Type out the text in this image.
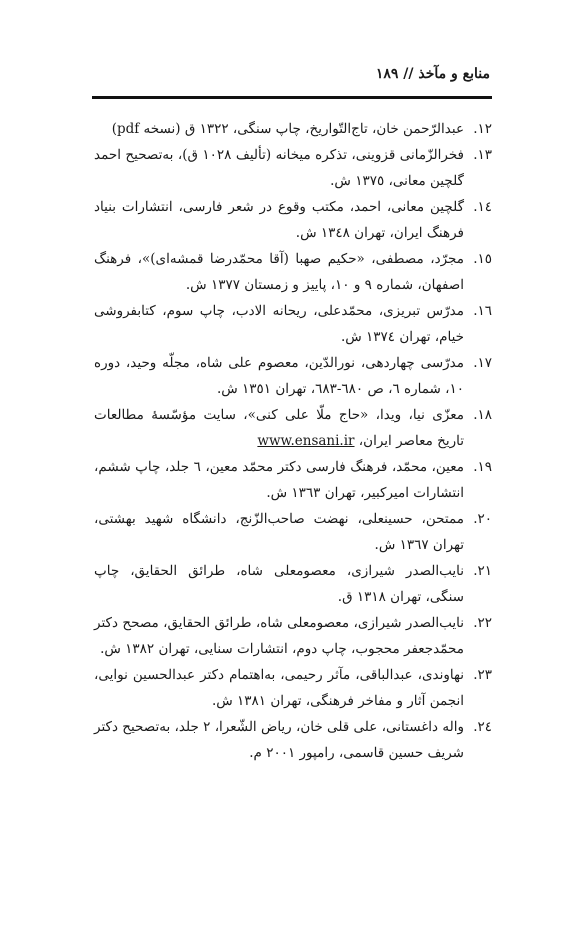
منابع و مآخذ // ١٨٩
١٢.
عبدالرّحمن خان، تاج‌التّواریخ، چاپ سنگی، ١٣٢٢ ق (نسخه pdf)
١٣.
فخرالزّمانی قزوینی، تذکره میخانه (تألیف ١٠٢٨ ق)، به‌تصحیح احمد گلچین معانی، ١٣٧٥ ش.
١٤.
گلچین معانی، احمد، مکتب وقوع در شعر فارسی، انتشارات بنیاد فرهنگ ایران، تهران ١٣٤٨ ش.
١٥.
مجرّد، مصطفی، «حکیم صهبا (آقا محمّدرضا قمشه‌ای)»، فرهنگ اصفهان، شماره ٩ و ١٠، پاییز و زمستان ١٣٧٧ ش.
١٦.
مدرّس تبریزی، محمّدعلی، ریحانه الادب، چاپ سوم، کتابفروشی خیام، تهران ١٣٧٤ ش.
١٧.
مدرّسی چهاردهی، نورالدّین، معصوم علی شاه، مجلّه وحید، دوره ١٠، شماره ٦، ص ٦٨٠-٦٨٣، تهران ١٣٥١ ش.
١٨.
معزّی نیا، ویدا، «حاج ملّا علی کنی»، سایت مؤسّسهٔ مطالعات تاریخ معاصر ایران، www.ensani.ir
١٩.
معین، محمّد، فرهنگ فارسی دکتر محمّد معین، ٦ جلد، چاپ ششم، انتشارات امیرکبیر، تهران ١٣٦٣ ش.
٢٠.
ممتحن، حسینعلی، نهضت صاحب‌الزّنج، دانشگاه شهید بهشتی، تهران ١٣٦٧ ش.
٢١.
نایب‌الصدر شیرازی، معصومعلی شاه، طرائق الحقایق، چاپ سنگی، تهران ١٣١٨ ق.
٢٢.
نایب‌الصدر شیرازی، معصومعلی شاه، طرائق الحقایق، مصحح دکتر محمّدجعفر محجوب، چاپ دوم، انتشارات سنایی، تهران ١٣٨٢ ش.
٢٣.
نهاوندی، عبدالباقی، مآثر رحیمی، به‌اهتمام دکتر عبدالحسین نوایی، انجمن آثار و مفاخر فرهنگی، تهران ١٣٨١ ش.
٢٤.
واله داغستانی، علی قلی خان، ریاض الشّعرا، ٢ جلد، به‌تصحیح دکتر شریف حسین قاسمی، رامپور ٢٠٠١ م.
